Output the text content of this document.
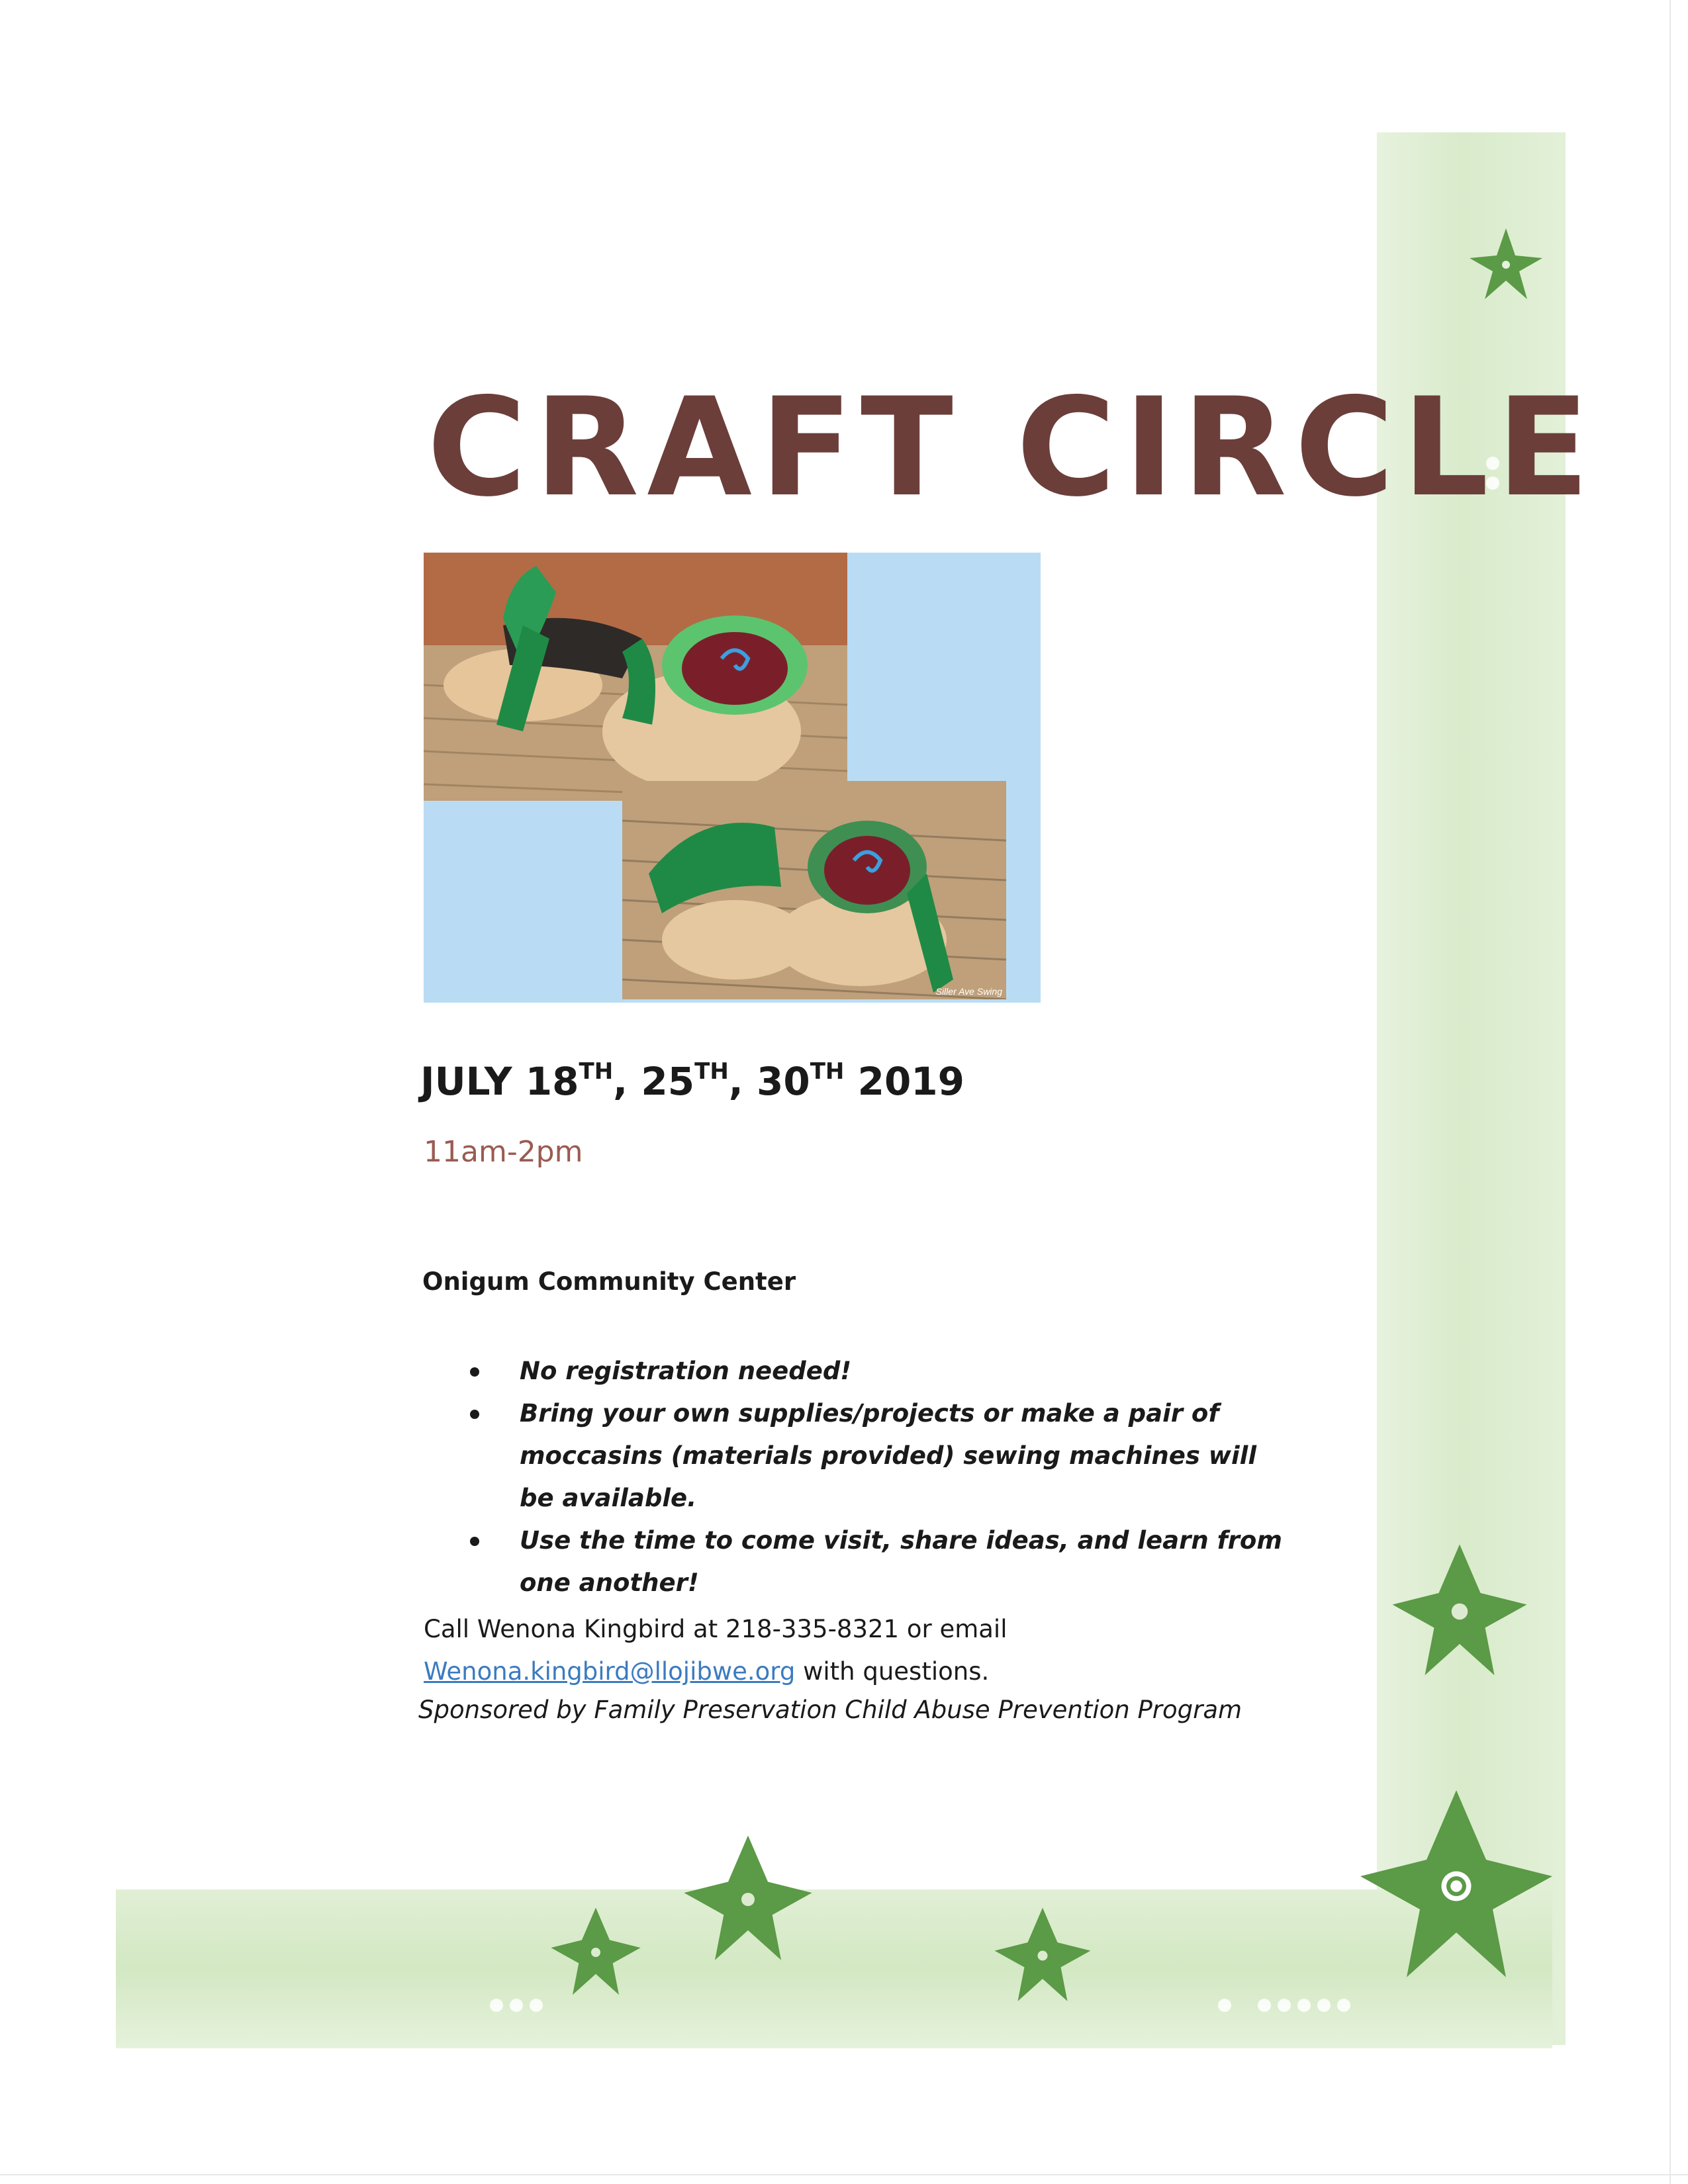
CRAFT CIRCLE
Siller Ave Swing

JULY 18TH, 25TH, 30TH 2019

11am-2pm
Onigum Community Center
No registration needed!
Bring your own supplies/projects or make a pair of moccasins (materials provided) sewing machines will be available.
Use the time to come visit, share ideas, and learn from one another!
Call Wenona Kingbird at 218-335-8321 or email
Wenona.kingbird@llojibwe.org with questions.
Sponsored by Family Preservation Child Abuse Prevention Program
